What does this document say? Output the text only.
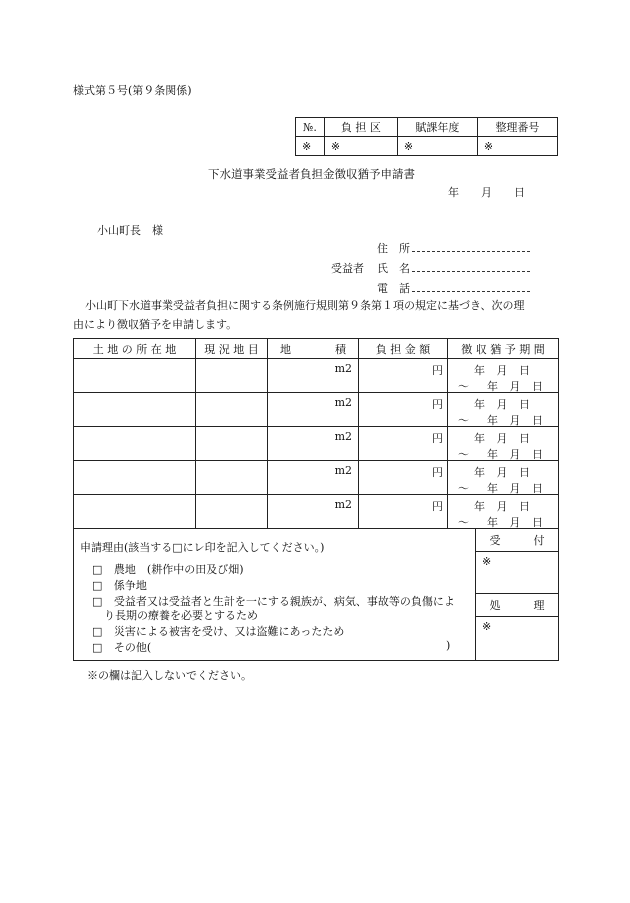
様式第５号(第９条関係)
№.	負 担 区	賦課年度	整理番号
※	※	※	※
下水道事業受益者負担金徴収猶予申請書
年　　月　　日
小山町長　様
住　所
受益者 氏　名
電　話
小山町下水道事業受益者負担に関する条例施行規則第９条第１項の規定に基づき、次の理
由により徴収猶予を申請します。
土 地 の 所 在 地	現 況 地 目	地　　　　積	負 担 金 額	徴 収 猶 予 期 間

		m2	円	年 月 日
～ 年 月 日

		m2	円	年 月 日
～ 年 月 日

		m2	円	年 月 日
～ 年 月 日

		m2	円	年 月 日
～ 年 月 日

		m2	円	年 月 日
～ 年 月 日
申請理由(該当する□にレ印を記入してください。)
□ 農地　(耕作中の田及び畑)
□ 係争地
□ 受益者又は受益者と生計を一にする親族が、病気、事故等の負傷によ
り長期の療養を必要とするため
□ 災害による被害を受け、又は盗難にあったため
□ その他(	)
	受　　　付
※
処　　　理
※
※の欄は記入しないでください。
